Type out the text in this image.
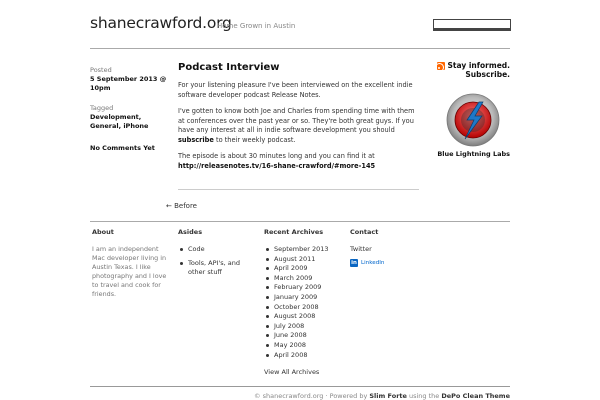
shanecrawford.org
Home Grown in Austin
Posted
5 September 2013 @ 10pm
Tagged
Development, General, iPhone
No Comments Yet
Podcast Interview

For your listening pleasure I've been interviewed on the excellent indie software developer podcast Release Notes.

I've gotten to know both Joe and Charles from spending time with them at conferences over the past year or so. They're both great guys. If you have any interest at all in indie software development you should subscribe to their weekly podcast.

The episode is about 30 minutes long and you can find it at http://releasenotes.tv/16-shane-crawford/#more-145

← Before
Stay informed.
Subscribe.
Blue Lightning Labs
About

I am an independent Mac developer living in Austin Texas. I like photography and I love to travel and cook for friends.

Asides
Code
Tools, API's, and other stuff
Recent Archives
September 2013
August 2011
April 2009
March 2009
February 2009
January 2009
October 2008
August 2008
July 2008
June 2008
May 2008
April 2008
View All Archives
Contact
Twitter
in LinkedIn
© shanecrawford.org · Powered by Slim Forte using the DePo Clean Theme
